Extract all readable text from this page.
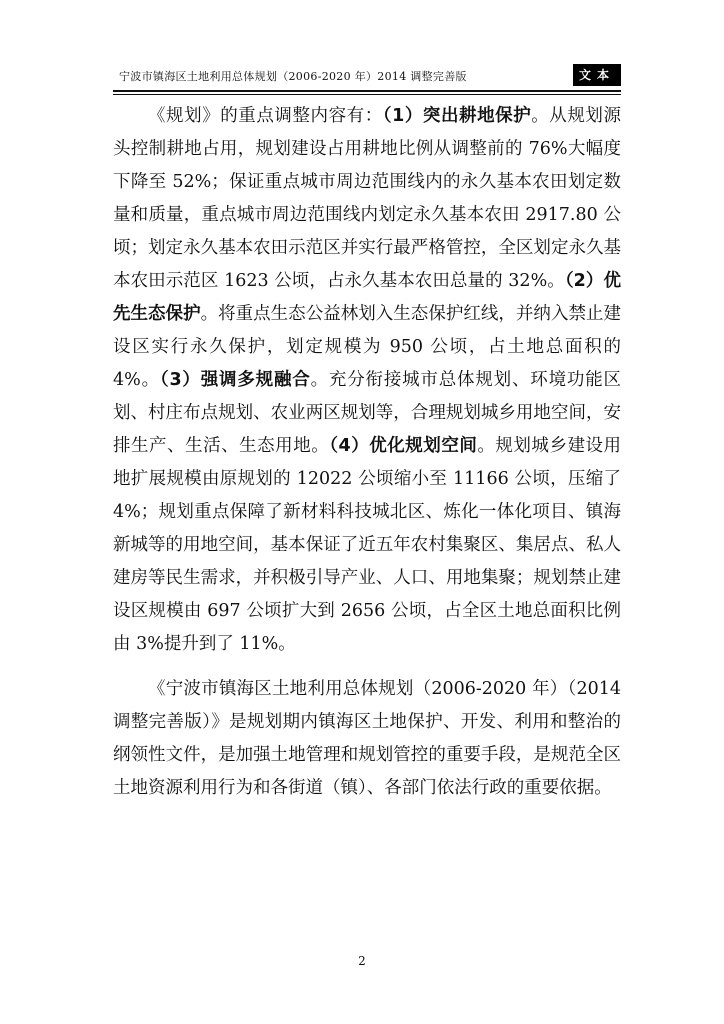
宁波市镇海区土地利用总体规划（2006-2020 年）2014 调整完善版	文本

《规划》的重点调整内容有：（1）突出耕地保护。从规划源头控制耕地占用，规划建设占用耕地比例从调整前的 76%大幅度下降至 52%；保证重点城市周边范围线内的永久基本农田划定数量和质量，重点城市周边范围线内划定永久基本农田 2917.80 公顷；划定永久基本农田示范区并实行最严格管控，全区划定永久基本农田示范区 1623 公顷，占永久基本农田总量的 32%。（2）优先生态保护。将重点生态公益林划入生态保护红线，并纳入禁止建设区实行永久保护，划定规模为 950 公顷，占土地总面积的 4%。（3）强调多规融合。充分衔接城市总体规划、环境功能区划、村庄布点规划、农业两区规划等，合理规划城乡用地空间，安排生产、生活、生态用地。（4）优化规划空间。规划城乡建设用地扩展规模由原规划的 12022 公顷缩小至 11166 公顷，压缩了 4%；规划重点保障了新材料科技城北区、炼化一体化项目、镇海新城等的用地空间，基本保证了近五年农村集聚区、集居点、私人建房等民生需求，并积极引导产业、人口、用地集聚；规划禁止建设区规模由 697 公顷扩大到 2656 公顷，占全区土地总面积比例由 3%提升到了 11%。

《宁波市镇海区土地利用总体规划（2006-2020 年）（2014 调整完善版）》是规划期内镇海区土地保护、开发、利用和整治的纲领性文件，是加强土地管理和规划管控的重要手段，是规范全区土地资源利用行为和各街道（镇）、各部门依法行政的重要依据。

2
